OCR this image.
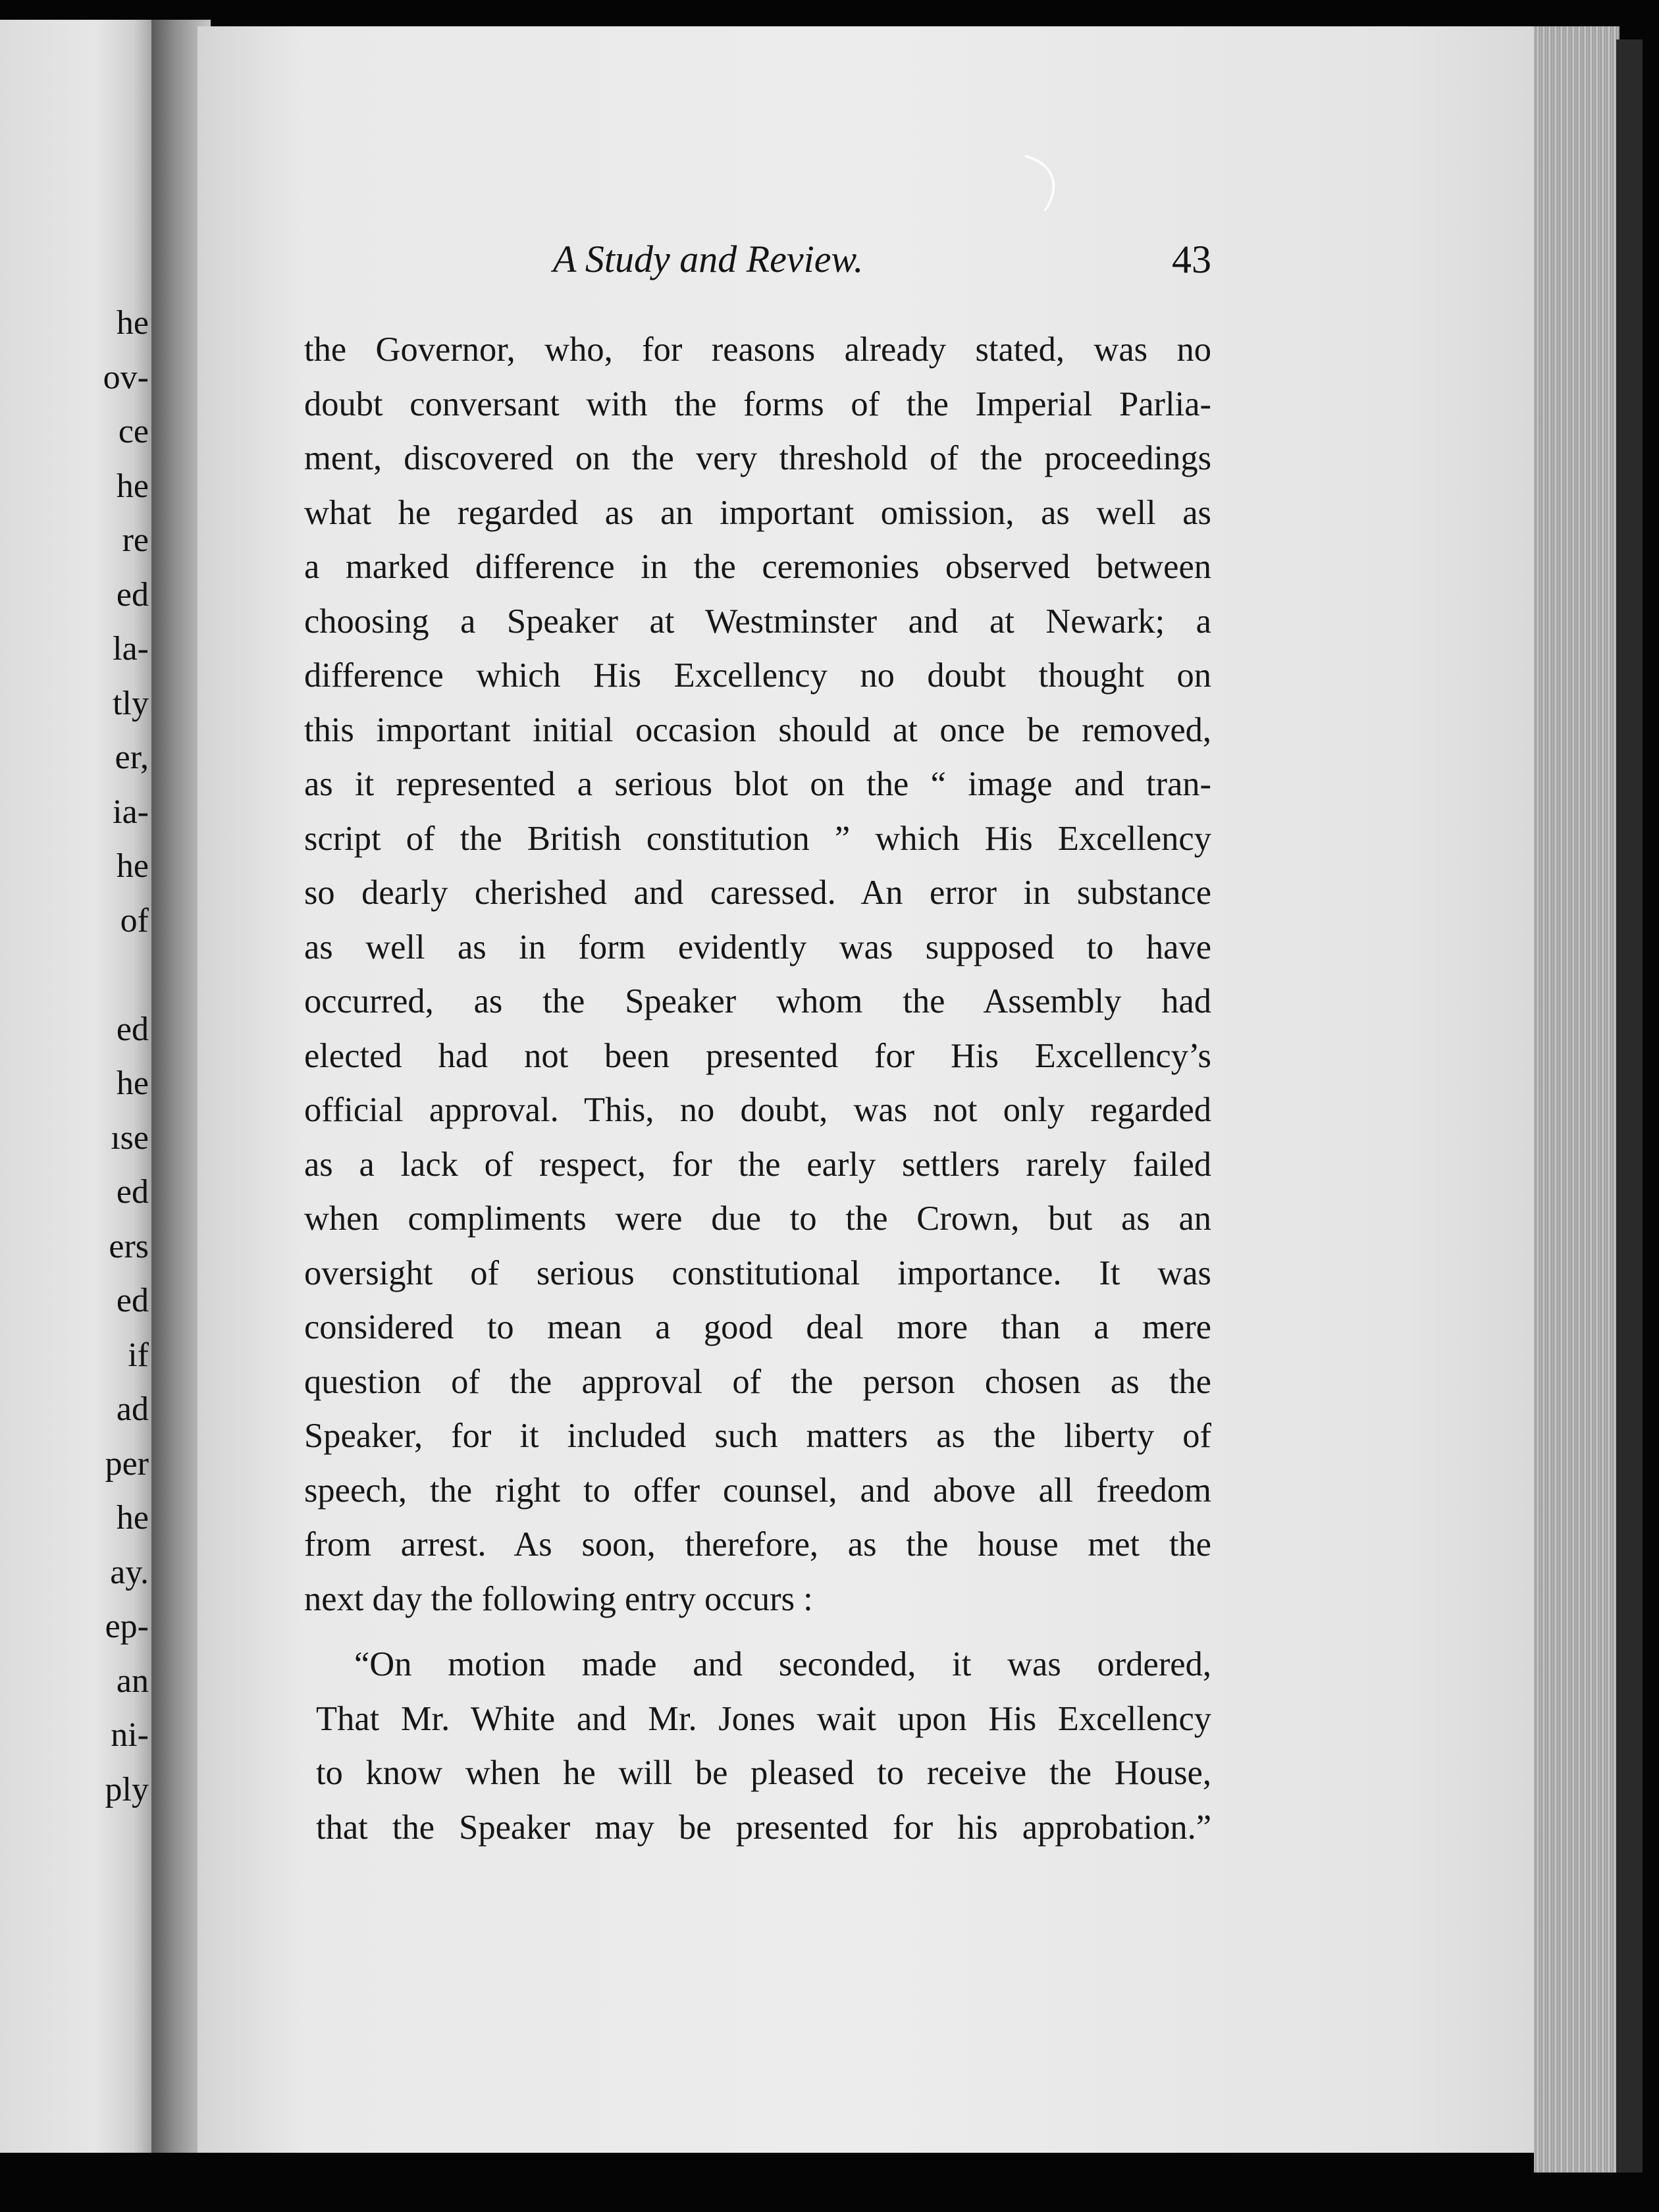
he
ov-
ce
he
re
ed
la-
tly
er,
ia-
he
of
ed
he
ıse
ed
ers
ed
if
ad
per
he
ay.
ep-
an
ni-
ply
A Study and Review.	43
the Governor, who, for reasons already stated, was no
doubt conversant with the forms of the Imperial Parlia-
ment, discovered on the very threshold of the proceedings
what he regarded as an important omission, as well as
a marked difference in the ceremonies observed between
choosing a Speaker at Westminster and at Newark; a
difference which His Excellency no doubt thought on
this important initial occasion should at once be removed,
as it represented a serious blot on the “ image and tran-
script of the British constitution ” which His Excellency
so dearly cherished and caressed. An error in substance
as well as in form evidently was supposed to have
occurred, as the Speaker whom the Assembly had
elected had not been presented for His Excellency’s
official approval. This, no doubt, was not only regarded
as a lack of respect, for the early settlers rarely failed
when compliments were due to the Crown, but as an
oversight of serious constitutional importance. It was
considered to mean a good deal more than a mere
question of the approval of the person chosen as the
Speaker, for it included such matters as the liberty of
speech, the right to offer counsel, and above all freedom
from arrest. As soon, therefore, as the house met the
next day the following entry occurs :
“On motion made and seconded, it was ordered,
That Mr. White and Mr. Jones wait upon His Excellency
to know when he will be pleased to receive the House,
that the Speaker may be presented for his approbation.”
